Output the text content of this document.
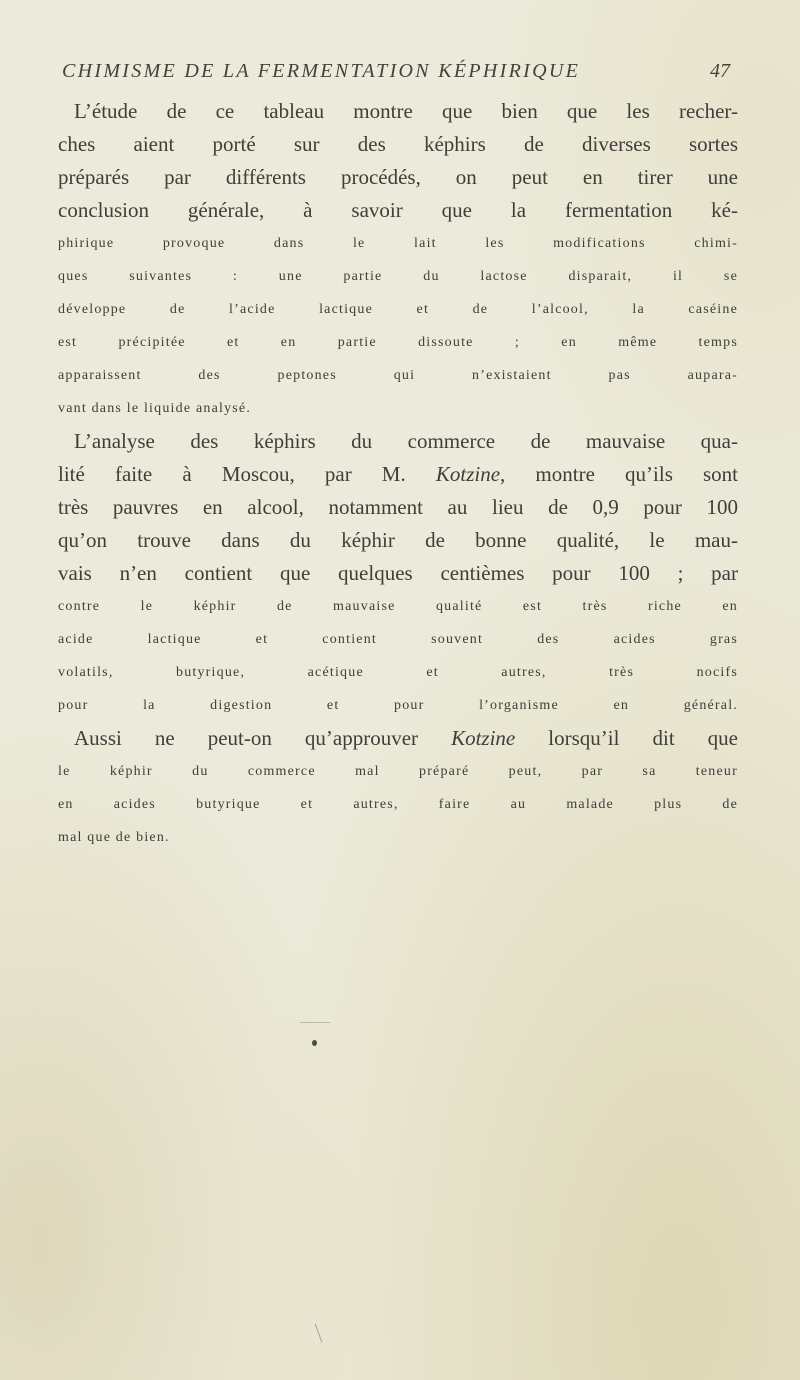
CHIMISME DE LA FERMENTATION KÉPHIRIQUE	47
L’étude de ce tableau montre que bien que les recher-
ches aient porté sur des képhirs de diverses sortes
préparés par différents procédés, on peut en tirer une
conclusion générale, à savoir que la fermentation ké-
phirique provoque dans le lait les modifications chimi-
ques suivantes : une partie du lactose disparait, il se
développe de l’acide lactique et de l’alcool, la caséine
est précipitée et en partie dissoute ; en même temps
apparaissent des peptones qui n’existaient pas aupara-
vant dans le liquide analysé.
L’analyse des képhirs du commerce de mauvaise qua-
lité faite à Moscou, par M. Kotzine, montre qu’ils sont
très pauvres en alcool, notamment au lieu de 0,9 pour 100
qu’on trouve dans du képhir de bonne qualité, le mau-
vais n’en contient que quelques centièmes pour 100 ; par
contre le képhir de mauvaise qualité est très riche en
acide lactique et contient souvent des acides gras
volatils, butyrique, acétique et autres, très nocifs
pour la digestion et pour l’organisme en général.
Aussi ne peut-on qu’approuver Kotzine lorsqu’il dit que
le képhir du commerce mal préparé peut, par sa teneur
en acides butyrique et autres, faire au malade plus de
mal que de bien.
